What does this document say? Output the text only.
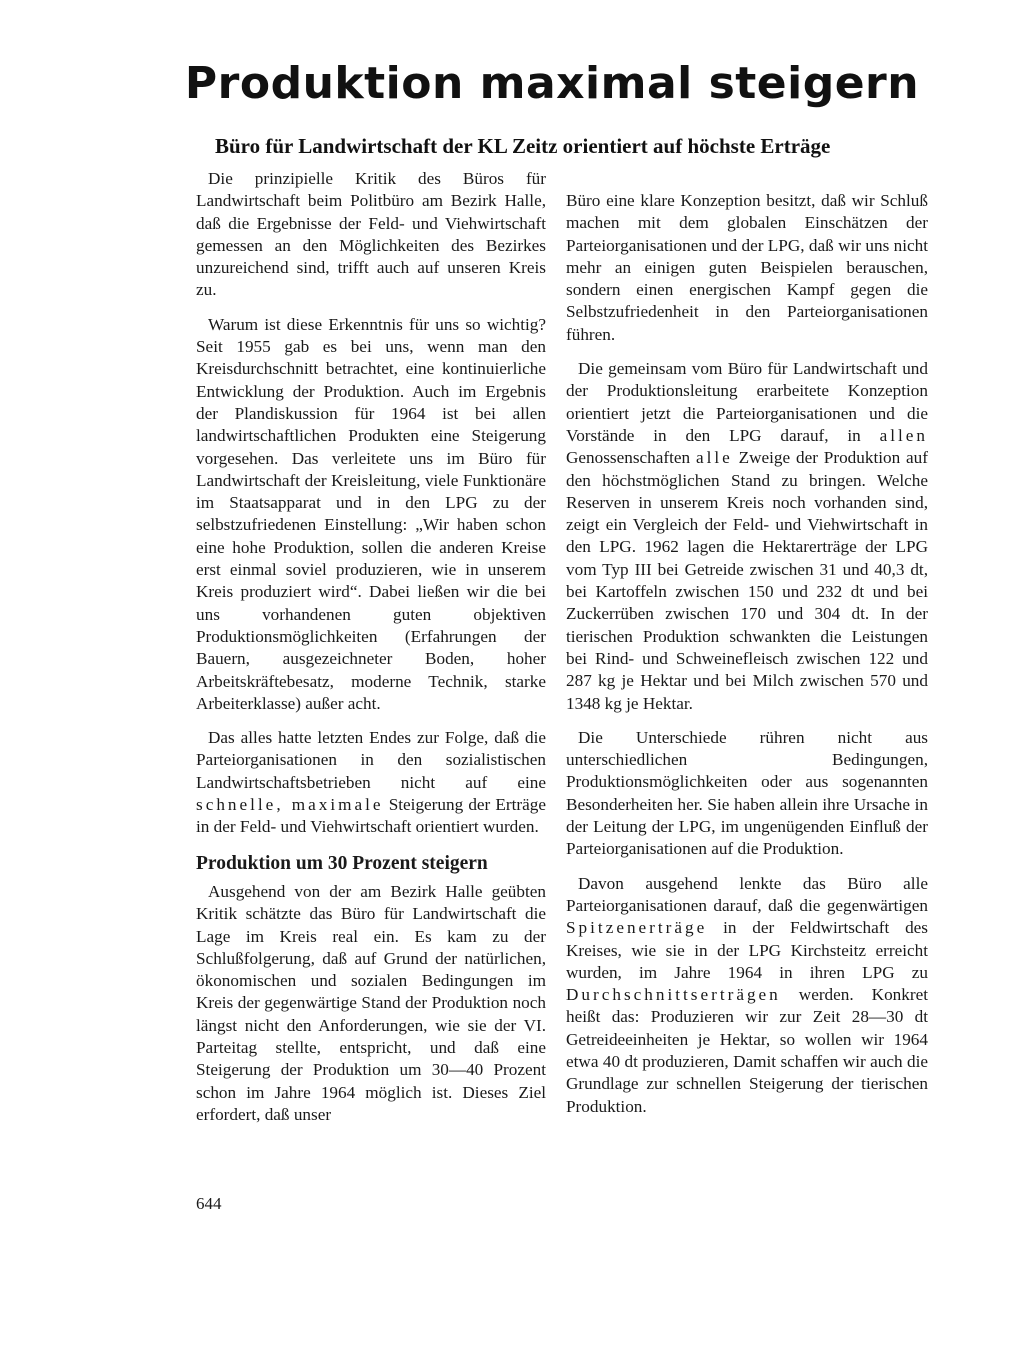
Produktion maximal steigern
Büro für Landwirtschaft der KL Zeitz orientiert auf höchste Erträge

Die prinzipielle Kritik des Büros für Landwirtschaft beim Politbüro am Bezirk Halle, daß die Ergebnisse der Feld- und Viehwirtschaft gemessen an den Möglichkeiten des Bezirkes unzureichend sind, trifft auch auf unseren Kreis zu.

Warum ist diese Erkenntnis für uns so wichtig? Seit 1955 gab es bei uns, wenn man den Kreisdurchschnitt betrachtet, eine kontinuierliche Entwicklung der Produktion. Auch im Ergebnis der Plandiskussion für 1964 ist bei allen landwirtschaftlichen Produkten eine Steigerung vorgesehen. Das verleitete uns im Büro für Landwirtschaft der Kreisleitung, viele Funktionäre im Staatsapparat und in den LPG zu der selbstzufriedenen Einstellung: „Wir haben schon eine hohe Produktion, sollen die anderen Kreise erst einmal soviel produzieren, wie in unserem Kreis produziert wird“. Dabei ließen wir die bei uns vorhandenen guten objektiven Produktionsmöglichkeiten (Erfahrungen der Bauern, ausgezeichneter Boden, hoher Arbeitskräftebesatz, moderne Technik, starke Arbeiterklasse) außer acht.

Das alles hatte letzten Endes zur Folge, daß die Parteiorganisationen in den sozialistischen Landwirtschaftsbetrieben nicht auf eine schnelle, maximale Steigerung der Erträge in der Feld- und Viehwirtschaft orientiert wurden.

Produktion um 30 Prozent steigern

Ausgehend von der am Bezirk Halle geübten Kritik schätzte das Büro für Landwirtschaft die Lage im Kreis real ein. Es kam zu der Schlußfolgerung, daß auf Grund der natürlichen, ökonomischen und sozialen Bedingungen im Kreis der gegenwärtige Stand der Produktion noch längst nicht den Anforderungen, wie sie der VI. Parteitag stellte, entspricht, und daß eine Steigerung der Produktion um 30—40 Prozent schon im Jahre 1964 möglich ist. Dieses Ziel erfordert, daß unser

Büro eine klare Konzeption besitzt, daß wir Schluß machen mit dem globalen Einschätzen der Parteiorganisationen und der LPG, daß wir uns nicht mehr an einigen guten Beispielen berauschen, sondern einen energischen Kampf gegen die Selbstzufriedenheit in den Parteiorganisationen führen.

Die gemeinsam vom Büro für Landwirtschaft und der Produktionsleitung erarbeitete Konzeption orientiert jetzt die Parteiorganisationen und die Vorstände in den LPG darauf, in allen Genossenschaften alle Zweige der Produktion auf den höchstmöglichen Stand zu bringen. Welche Reserven in unserem Kreis noch vorhanden sind, zeigt ein Vergleich der Feld- und Viehwirtschaft in den LPG. 1962 lagen die Hektarerträge der LPG vom Typ III bei Getreide zwischen 31 und 40,3 dt, bei Kartoffeln zwischen 150 und 232 dt und bei Zuckerrüben zwischen 170 und 304 dt. In der tierischen Produktion schwankten die Leistungen bei Rind- und Schweinefleisch zwischen 122 und 287 kg je Hektar und bei Milch zwischen 570 und 1348 kg je Hektar.

Die Unterschiede rühren nicht aus unterschiedlichen Bedingungen, Produktionsmöglichkeiten oder aus sogenannten Besonderheiten her. Sie haben allein ihre Ursache in der Leitung der LPG, im ungenügenden Einfluß der Parteiorganisationen auf die Produktion.

Davon ausgehend lenkte das Büro alle Parteiorganisationen darauf, daß die gegenwärtigen Spitzenerträge in der Feldwirtschaft des Kreises, wie sie in der LPG Kirchsteitz erreicht wurden, im Jahre 1964 in ihren LPG zu Durchschnittserträgen werden. Konkret heißt das: Produzieren wir zur Zeit 28—30 dt Getreideeinheiten je Hektar, so wollen wir 1964 etwa 40 dt produzieren, Damit schaffen wir auch die Grundlage zur schnellen Steigerung der tierischen Produktion.

644
